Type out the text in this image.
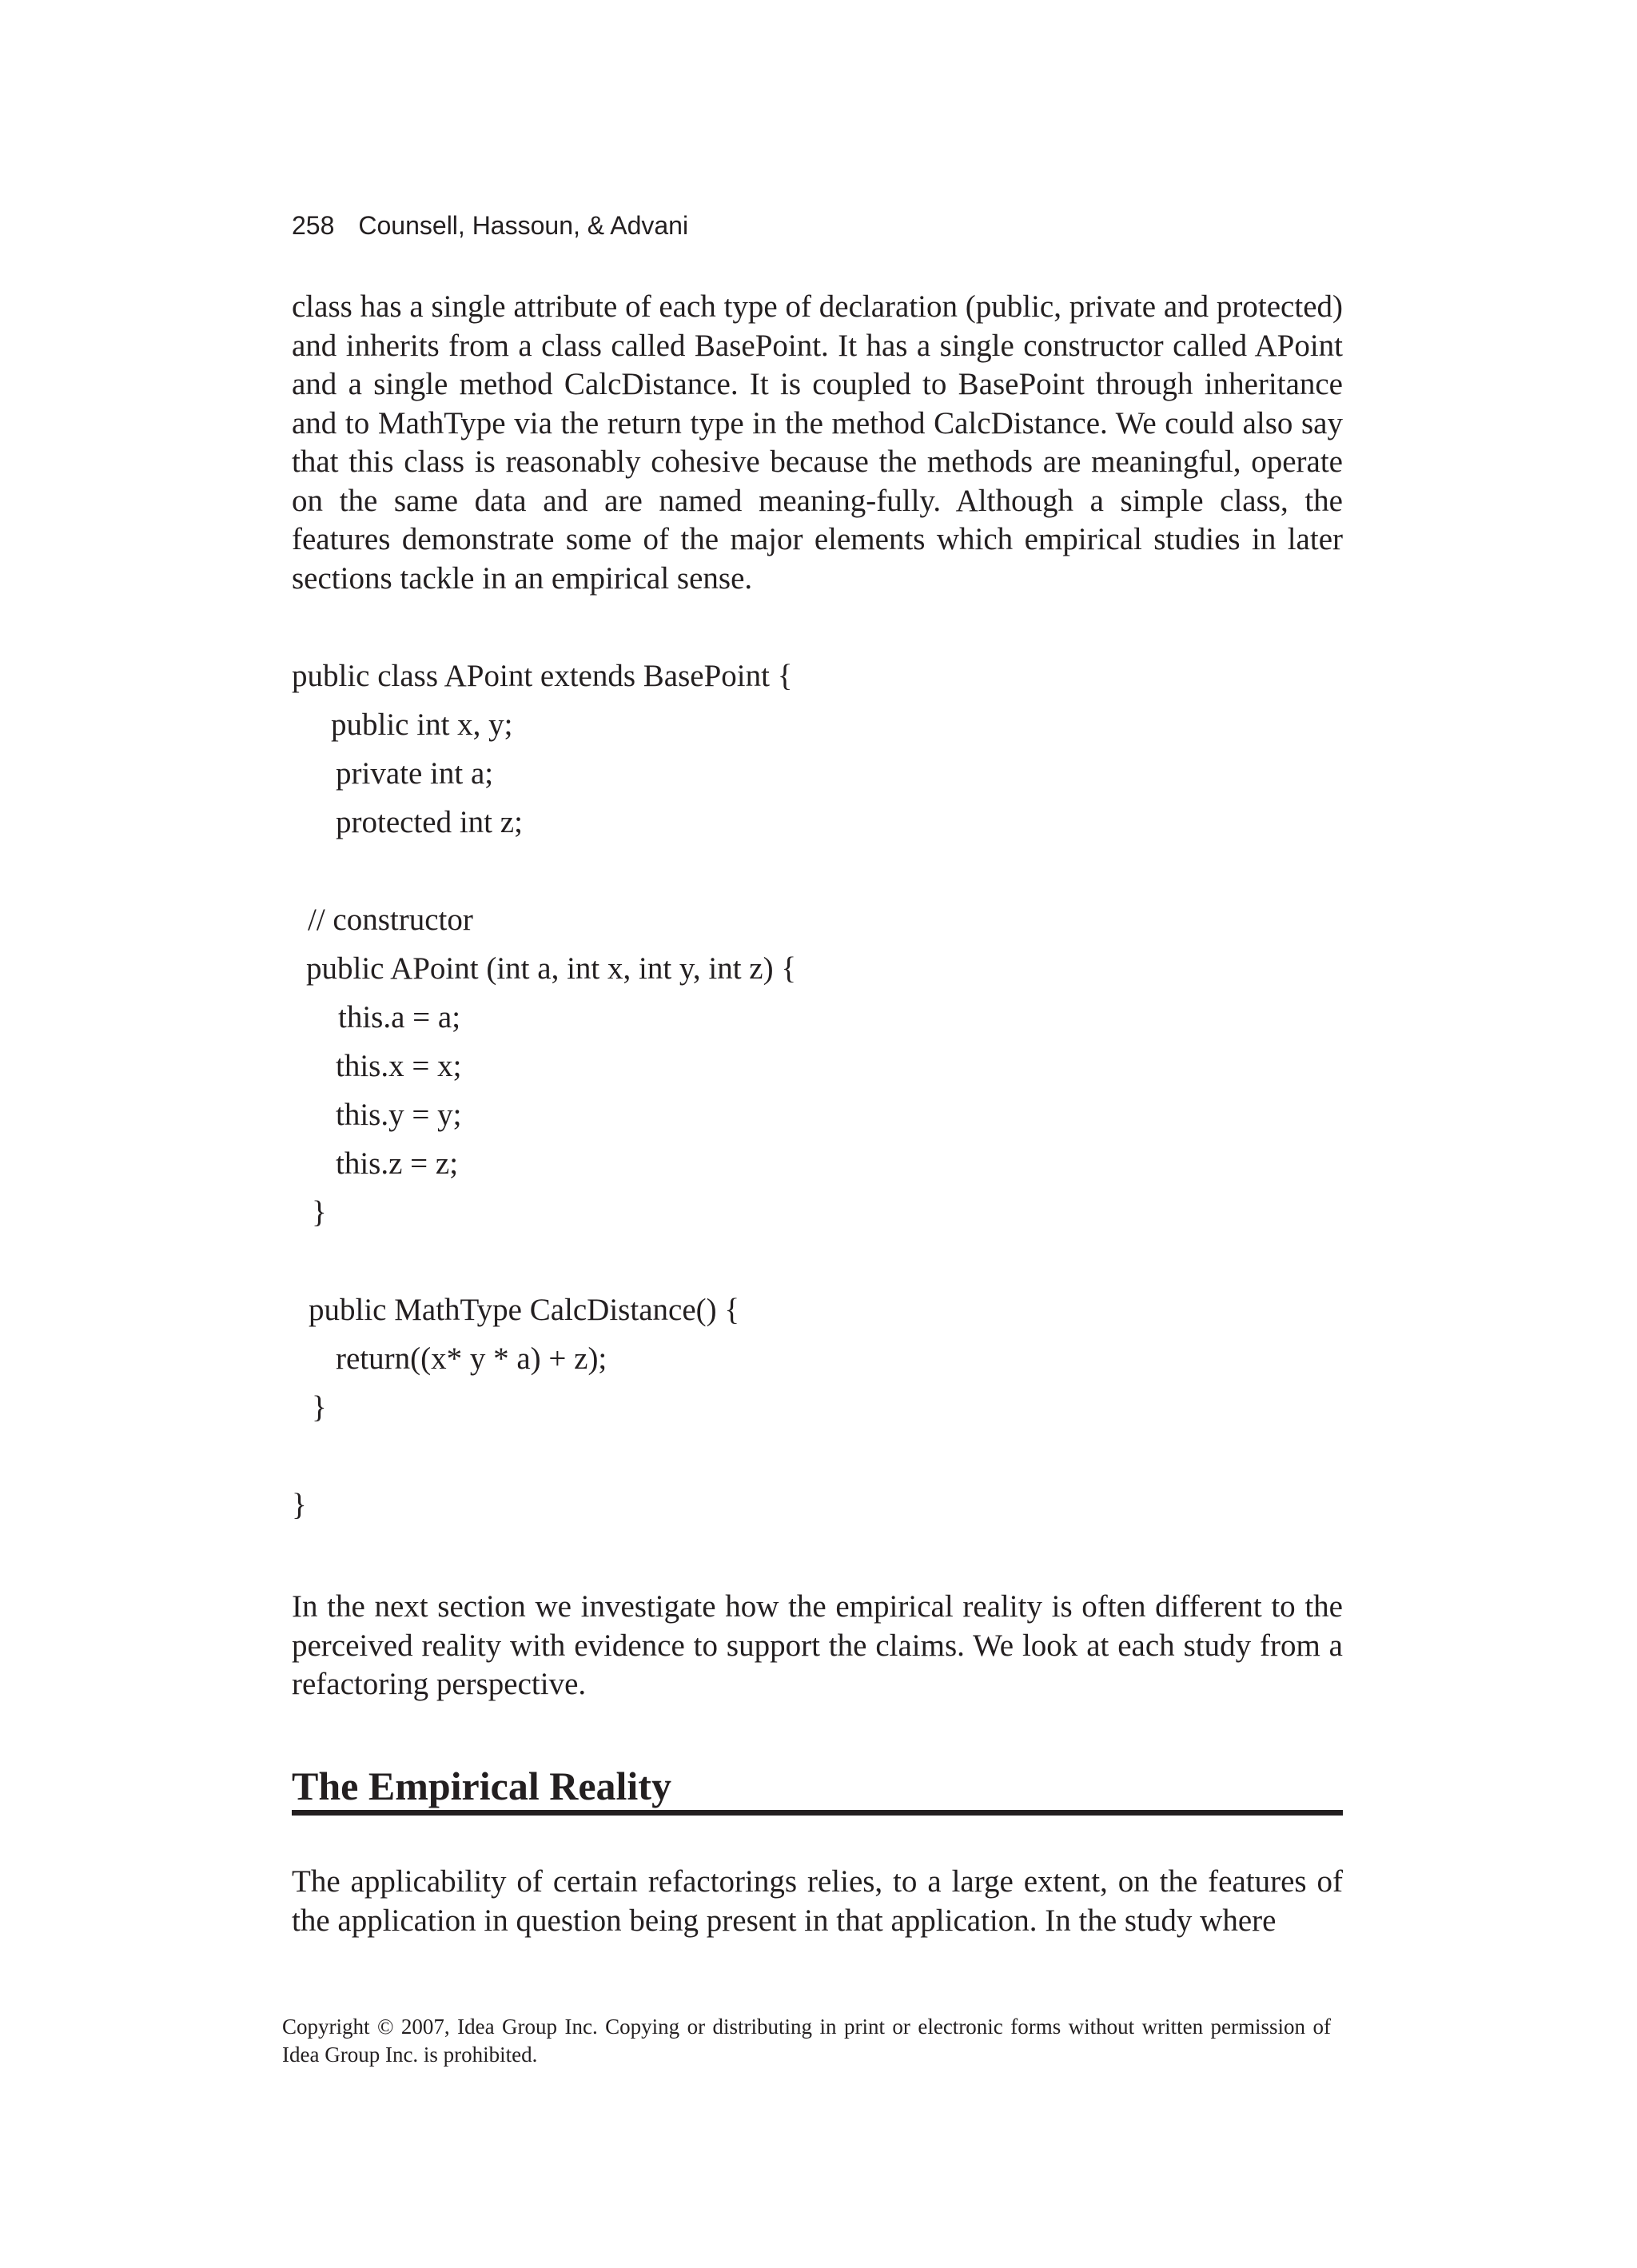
258 Counsell, Hassoun, & Advani

class has a single attribute of each type of declaration (public, private and protected) and inherits from a class called BasePoint. It has a single constructor called APoint and a single method CalcDistance. It is coupled to BasePoint through inheritance and to MathType via the return type in the method CalcDistance. We could also say that this class is reasonably cohesive because the methods are meaningful, operate on the same data and are named meaning-fully. Although a simple class, the features demonstrate some of the major elements which empirical studies in later sections tackle in an empirical sense.

public class APoint extends BasePoint {
public int x, y;
private int a;
protected int z;
// constructor
public APoint (int a, int x, int y, int z) {
this.a = a;
this.x = x;
this.y = y;
this.z = z;
}
public MathType CalcDistance() {
return((x* y * a) + z);
}
}

In the next section we investigate how the empirical reality is often different to the perceived reality with evidence to support the claims. We look at each study from a refactoring perspective.

The Empirical Reality

The applicability of certain refactorings relies, to a large extent, on the features of the application in question being present in that application. In the study where

Copyright © 2007, Idea Group Inc. Copying or distributing in print or electronic forms without written permission of Idea Group Inc. is prohibited.
